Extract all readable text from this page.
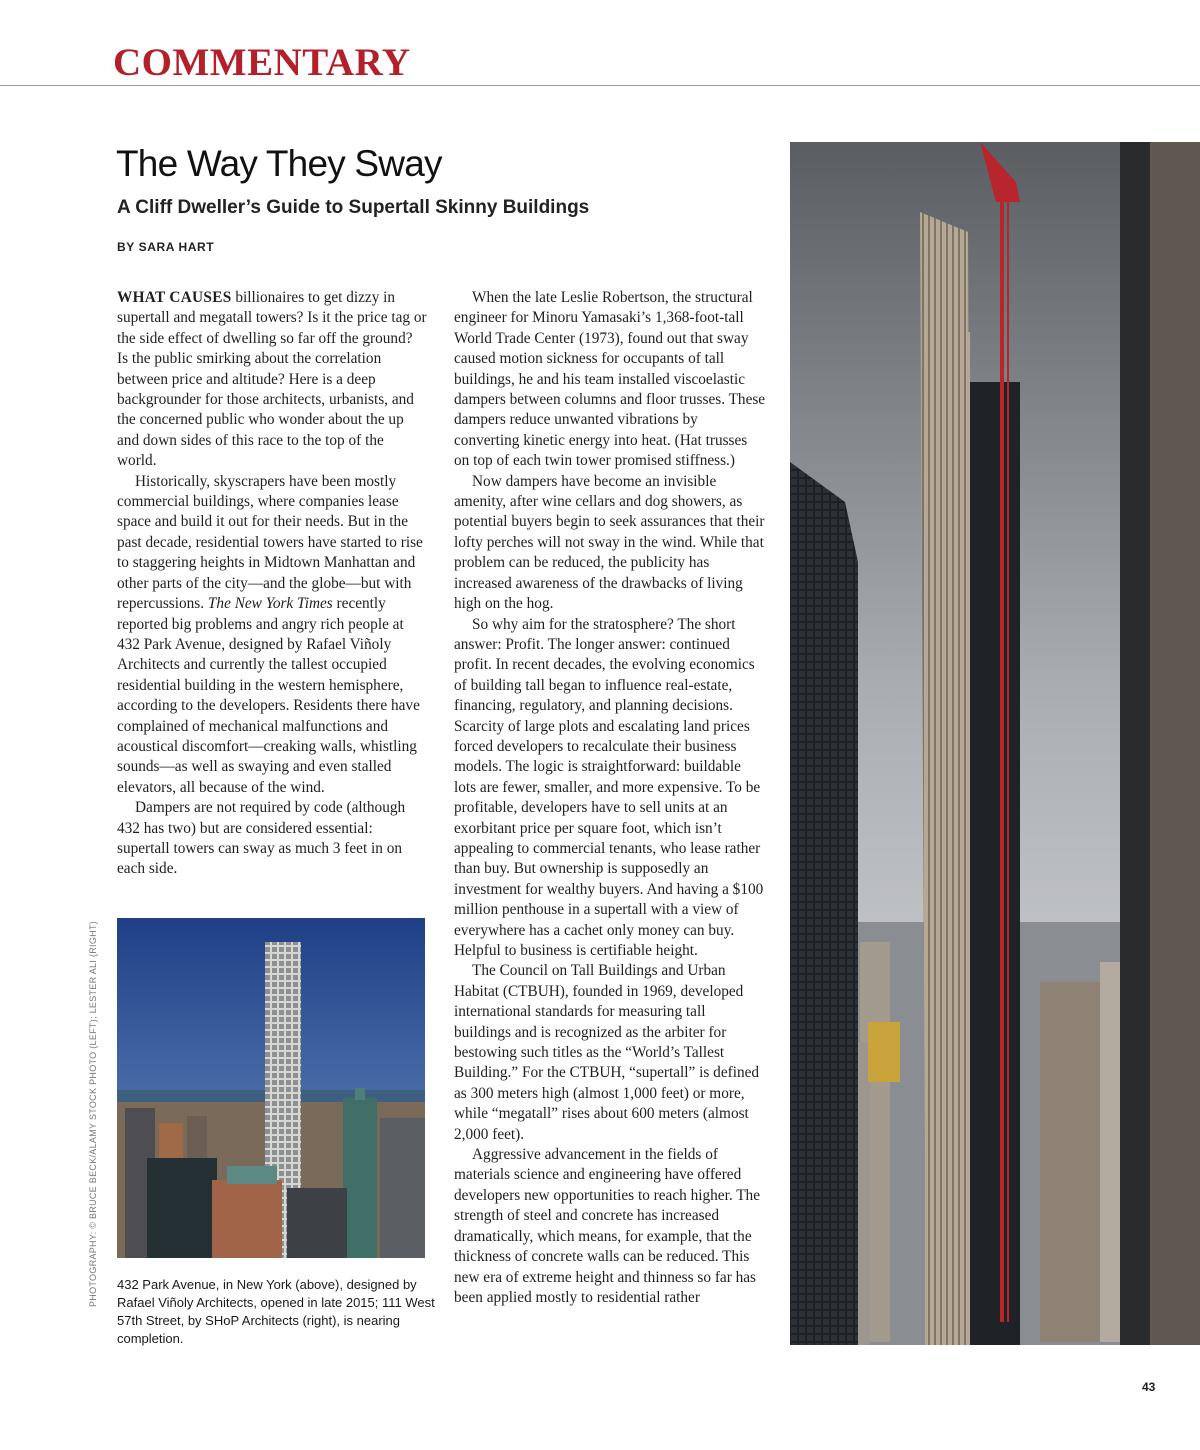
COMMENTARY
The Way They Sway
A Cliff Dweller’s Guide to Supertall Skinny Buildings
BY SARA HART

WHAT CAUSES billionaires to get dizzy in supertall and megatall towers? Is it the price tag or the side effect of dwelling so far off the ground? Is the public smirking about the correlation between price and altitude? Here is a deep backgrounder for those architects, urbanists, and the concerned public who wonder about the up and down sides of this race to the top of the world.

Historically, skyscrapers have been mostly commercial buildings, where companies lease space and build it out for their needs. But in the past decade, residential towers have started to rise to staggering heights in Midtown Manhattan and other parts of the city—and the globe—but with repercussions. The New York Times recently reported big problems and angry rich people at 432 Park Avenue, designed by Rafael Viñoly Architects and currently the tallest occupied residential building in the western hemisphere, according to the developers. Residents there have complained of mechanical malfunctions and acoustical discomfort—creaking walls, whistling sounds—as well as swaying and even stalled elevators, all because of the wind.

Dampers are not required by code (although 432 has two) but are considered essential: supertall towers can sway as much 3 feet in on each side.

432 Park Avenue, in New York (above), designed by Rafael Viñoly Architects, opened in late 2015; 111 West 57th Street, by SHoP Architects (right), is nearing completion.
PHOTOGRAPHY: © BRUCE BECK/ALAMY STOCK PHOTO (LEFT); LESTER ALI (RIGHT)

When the late Leslie Robertson, the structural engineer for Minoru Yamasaki’s 1,368-foot-tall World Trade Center (1973), found out that sway caused motion sickness for occupants of tall buildings, he and his team installed viscoelastic dampers between columns and floor trusses. These dampers reduce unwanted vibrations by converting kinetic energy into heat. (Hat trusses on top of each twin tower promised stiffness.)

Now dampers have become an invisible amenity, after wine cellars and dog showers, as potential buyers begin to seek assurances that their lofty perches will not sway in the wind. While that problem can be reduced, the publicity has increased awareness of the drawbacks of living high on the hog.

So why aim for the stratosphere? The short answer: Profit. The longer answer: continued profit. In recent decades, the evolving economics of building tall began to influence real-estate, financing, regulatory, and planning decisions. Scarcity of large plots and escalating land prices forced developers to recalculate their business models. The logic is straightforward: buildable lots are fewer, smaller, and more expensive. To be profitable, developers have to sell units at an exorbitant price per square foot, which isn’t appealing to commercial tenants, who lease rather than buy. But ownership is supposedly an investment for wealthy buyers. And having a $100 million penthouse in a supertall with a view of everywhere has a cachet only money can buy. Helpful to business is certifiable height.

The Council on Tall Buildings and Urban Habitat (CTBUH), founded in 1969, developed international standards for measuring tall buildings and is recognized as the arbiter for bestowing such titles as the “World’s Tallest Building.” For the CTBUH, “supertall” is defined as 300 meters high (almost 1,000 feet) or more, while “megatall” rises about 600 meters (almost 2,000 feet).

Aggressive advancement in the fields of materials science and engineering have offered developers new opportunities to reach higher. The strength of steel and concrete has increased dramatically, which means, for example, that the thickness of concrete walls can be reduced. This new era of extreme height and thinness so far has been applied mostly to residential rather

43
